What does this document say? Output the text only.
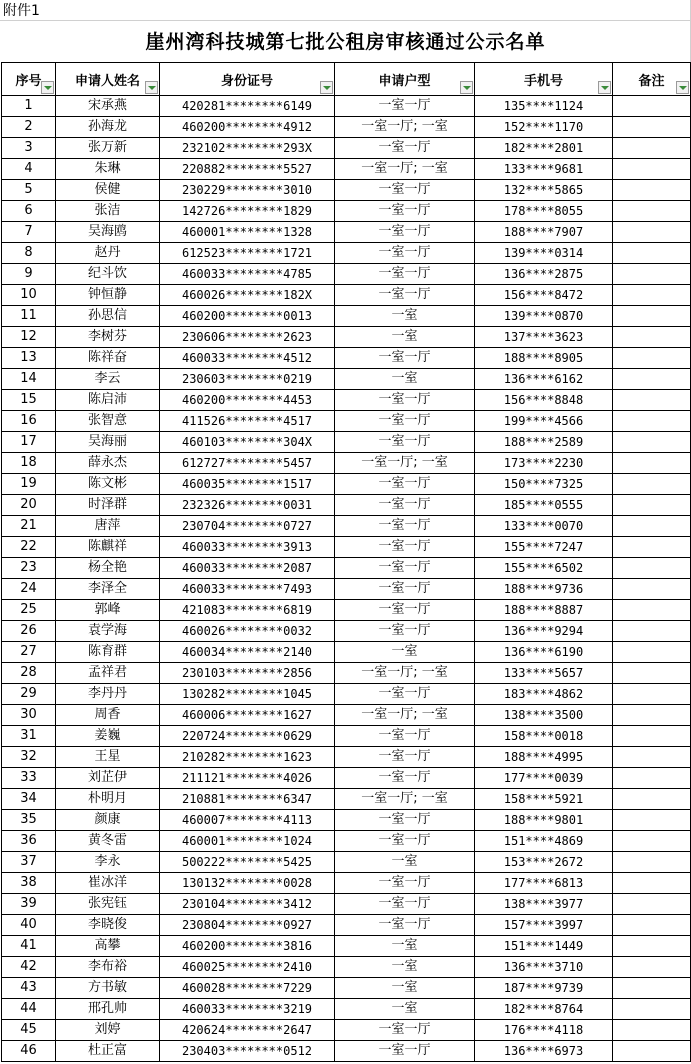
附件1
崖州湾科技城第七批公租房审核通过公示名单
序号	申请人姓名	身份证号	申请户型	手机号	备注

1	宋承燕	420281********6149	一室一厅	135****1124	
2	孙海龙	460200********4912	一室一厅; 一室	152****1170	
3	张万新	232102********293X	一室一厅	182****2801	
4	朱琳	220882********5527	一室一厅; 一室	133****9681	
5	侯健	230229********3010	一室一厅	132****5865	
6	张洁	142726********1829	一室一厅	178****8055	
7	吴海鸥	460001********1328	一室一厅	188****7907	
8	赵丹	612523********1721	一室一厅	139****0314	
9	纪斗饮	460033********4785	一室一厅	136****2875	
10	钟恒静	460026********182X	一室一厅	156****8472	
11	孙思信	460200********0013	一室	139****0870	
12	李树芬	230606********2623	一室	137****3623	
13	陈祥奋	460033********4512	一室一厅	188****8905	
14	李云	230603********0219	一室	136****6162	
15	陈启沛	460200********4453	一室一厅	156****8848	
16	张智意	411526********4517	一室一厅	199****4566	
17	吴海丽	460103********304X	一室一厅	188****2589	
18	薛永杰	612727********5457	一室一厅; 一室	173****2230	
19	陈文彬	460035********1517	一室一厅	150****7325	
20	时泽群	232326********0031	一室一厅	185****0555	
21	唐萍	230704********0727	一室一厅	133****0070	
22	陈麒祥	460033********3913	一室一厅	155****7247	
23	杨全艳	460033********2087	一室一厅	155****6502	
24	李泽全	460033********7493	一室一厅	188****9736	
25	郭峰	421083********6819	一室一厅	188****8887	
26	袁学海	460026********0032	一室一厅	136****9294	
27	陈育群	460034********2140	一室	136****6190	
28	孟祥君	230103********2856	一室一厅; 一室	133****5657	
29	李丹丹	130282********1045	一室一厅	183****4862	
30	周香	460006********1627	一室一厅; 一室	138****3500	
31	姜巍	220724********0629	一室一厅	158****0018	
32	王星	210282********1623	一室一厅	188****4995	
33	刘芷伊	211121********4026	一室一厅	177****0039	
34	朴明月	210881********6347	一室一厅; 一室	158****5921	
35	颜康	460007********4113	一室一厅	188****9801	
36	黄冬雷	460001********1024	一室一厅	151****4869	
37	李永	500222********5425	一室	153****2672	
38	崔冰洋	130132********0028	一室一厅	177****6813	
39	张宪钰	230104********3412	一室一厅	138****3977	
40	李晓俊	230804********0927	一室一厅	157****3997	
41	高攀	460200********3816	一室	151****1449	
42	李布裕	460025********2410	一室	136****3710	
43	方书敏	460028********7229	一室	187****9739	
44	邢孔帅	460033********3219	一室	182****8764	
45	刘婷	420624********2647	一室一厅	176****4118	
46	杜正富	230403********0512	一室一厅	136****6973	
